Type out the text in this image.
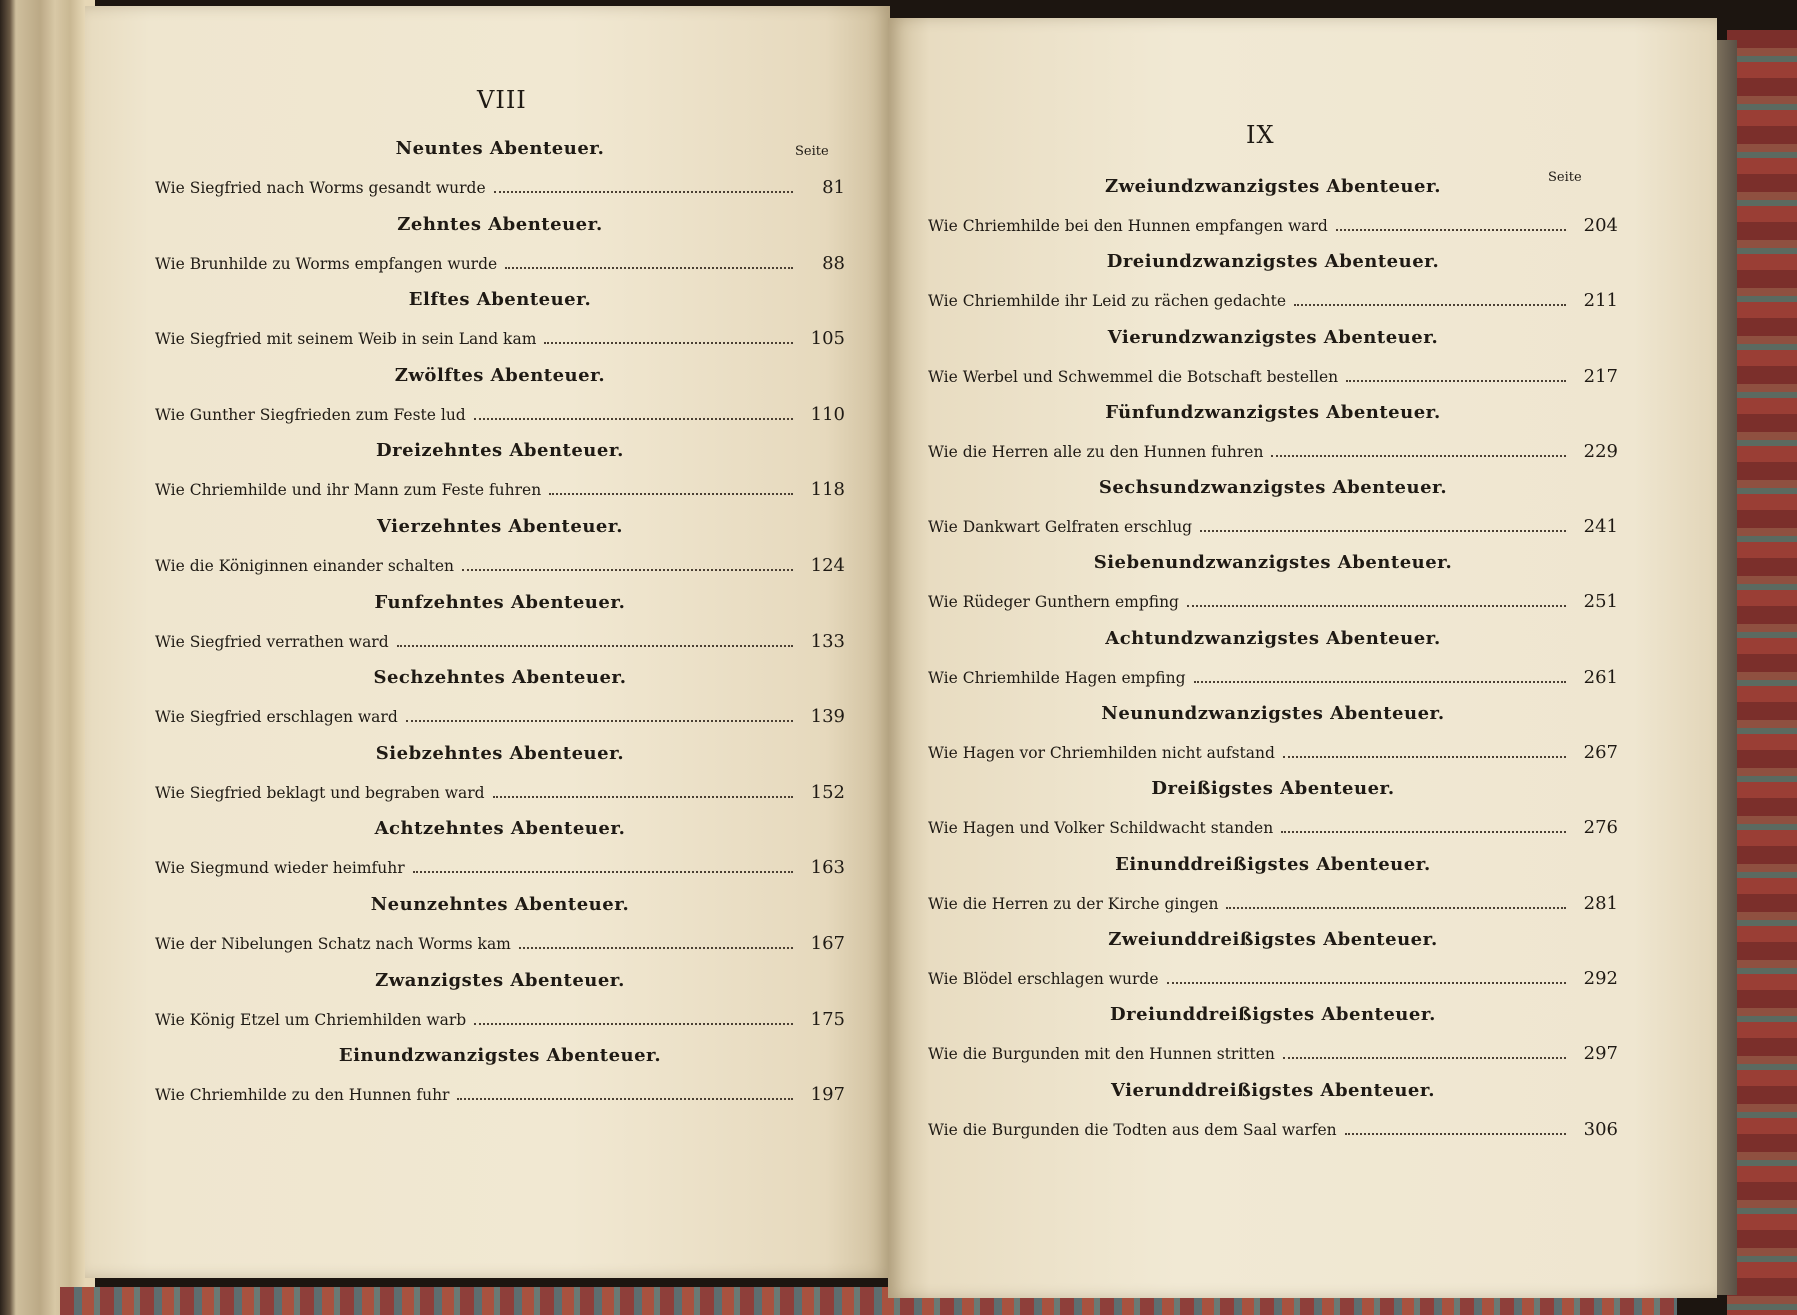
VIII
Seite
Neuntes Abenteuer.
Wie Siegfried nach Worms gesandt wurde	81
Zehntes Abenteuer.
Wie Brunhilde zu Worms empfangen wurde	88
Elftes Abenteuer.
Wie Siegfried mit seinem Weib in sein Land kam	105
Zwölftes Abenteuer.
Wie Gunther Siegfrieden zum Feste lud	110
Dreizehntes Abenteuer.
Wie Chriemhilde und ihr Mann zum Feste fuhren	118
Vierzehntes Abenteuer.
Wie die Königinnen einander schalten	124
Funfzehntes Abenteuer.
Wie Siegfried verrathen ward	133
Sechzehntes Abenteuer.
Wie Siegfried erschlagen ward	139
Siebzehntes Abenteuer.
Wie Siegfried beklagt und begraben ward	152
Achtzehntes Abenteuer.
Wie Siegmund wieder heimfuhr	163
Neunzehntes Abenteuer.
Wie der Nibelungen Schatz nach Worms kam	167
Zwanzigstes Abenteuer.
Wie König Etzel um Chriemhilden warb	175
Einundzwanzigstes Abenteuer.
Wie Chriemhilde zu den Hunnen fuhr	197
IX
Seite
Zweiundzwanzigstes Abenteuer.
Wie Chriemhilde bei den Hunnen empfangen ward	204
Dreiundzwanzigstes Abenteuer.
Wie Chriemhilde ihr Leid zu rächen gedachte	211
Vierundzwanzigstes Abenteuer.
Wie Werbel und Schwemmel die Botschaft bestellen	217
Fünfundzwanzigstes Abenteuer.
Wie die Herren alle zu den Hunnen fuhren	229
Sechsundzwanzigstes Abenteuer.
Wie Dankwart Gelfraten erschlug	241
Siebenundzwanzigstes Abenteuer.
Wie Rüdeger Gunthern empfing	251
Achtundzwanzigstes Abenteuer.
Wie Chriemhilde Hagen empfing	261
Neunundzwanzigstes Abenteuer.
Wie Hagen vor Chriemhilden nicht aufstand	267
Dreißigstes Abenteuer.
Wie Hagen und Volker Schildwacht standen	276
Einunddreißigstes Abenteuer.
Wie die Herren zu der Kirche gingen	281
Zweiunddreißigstes Abenteuer.
Wie Blödel erschlagen wurde	292
Dreiunddreißigstes Abenteuer.
Wie die Burgunden mit den Hunnen stritten	297
Vierunddreißigstes Abenteuer.
Wie die Burgunden die Todten aus dem Saal warfen	306
